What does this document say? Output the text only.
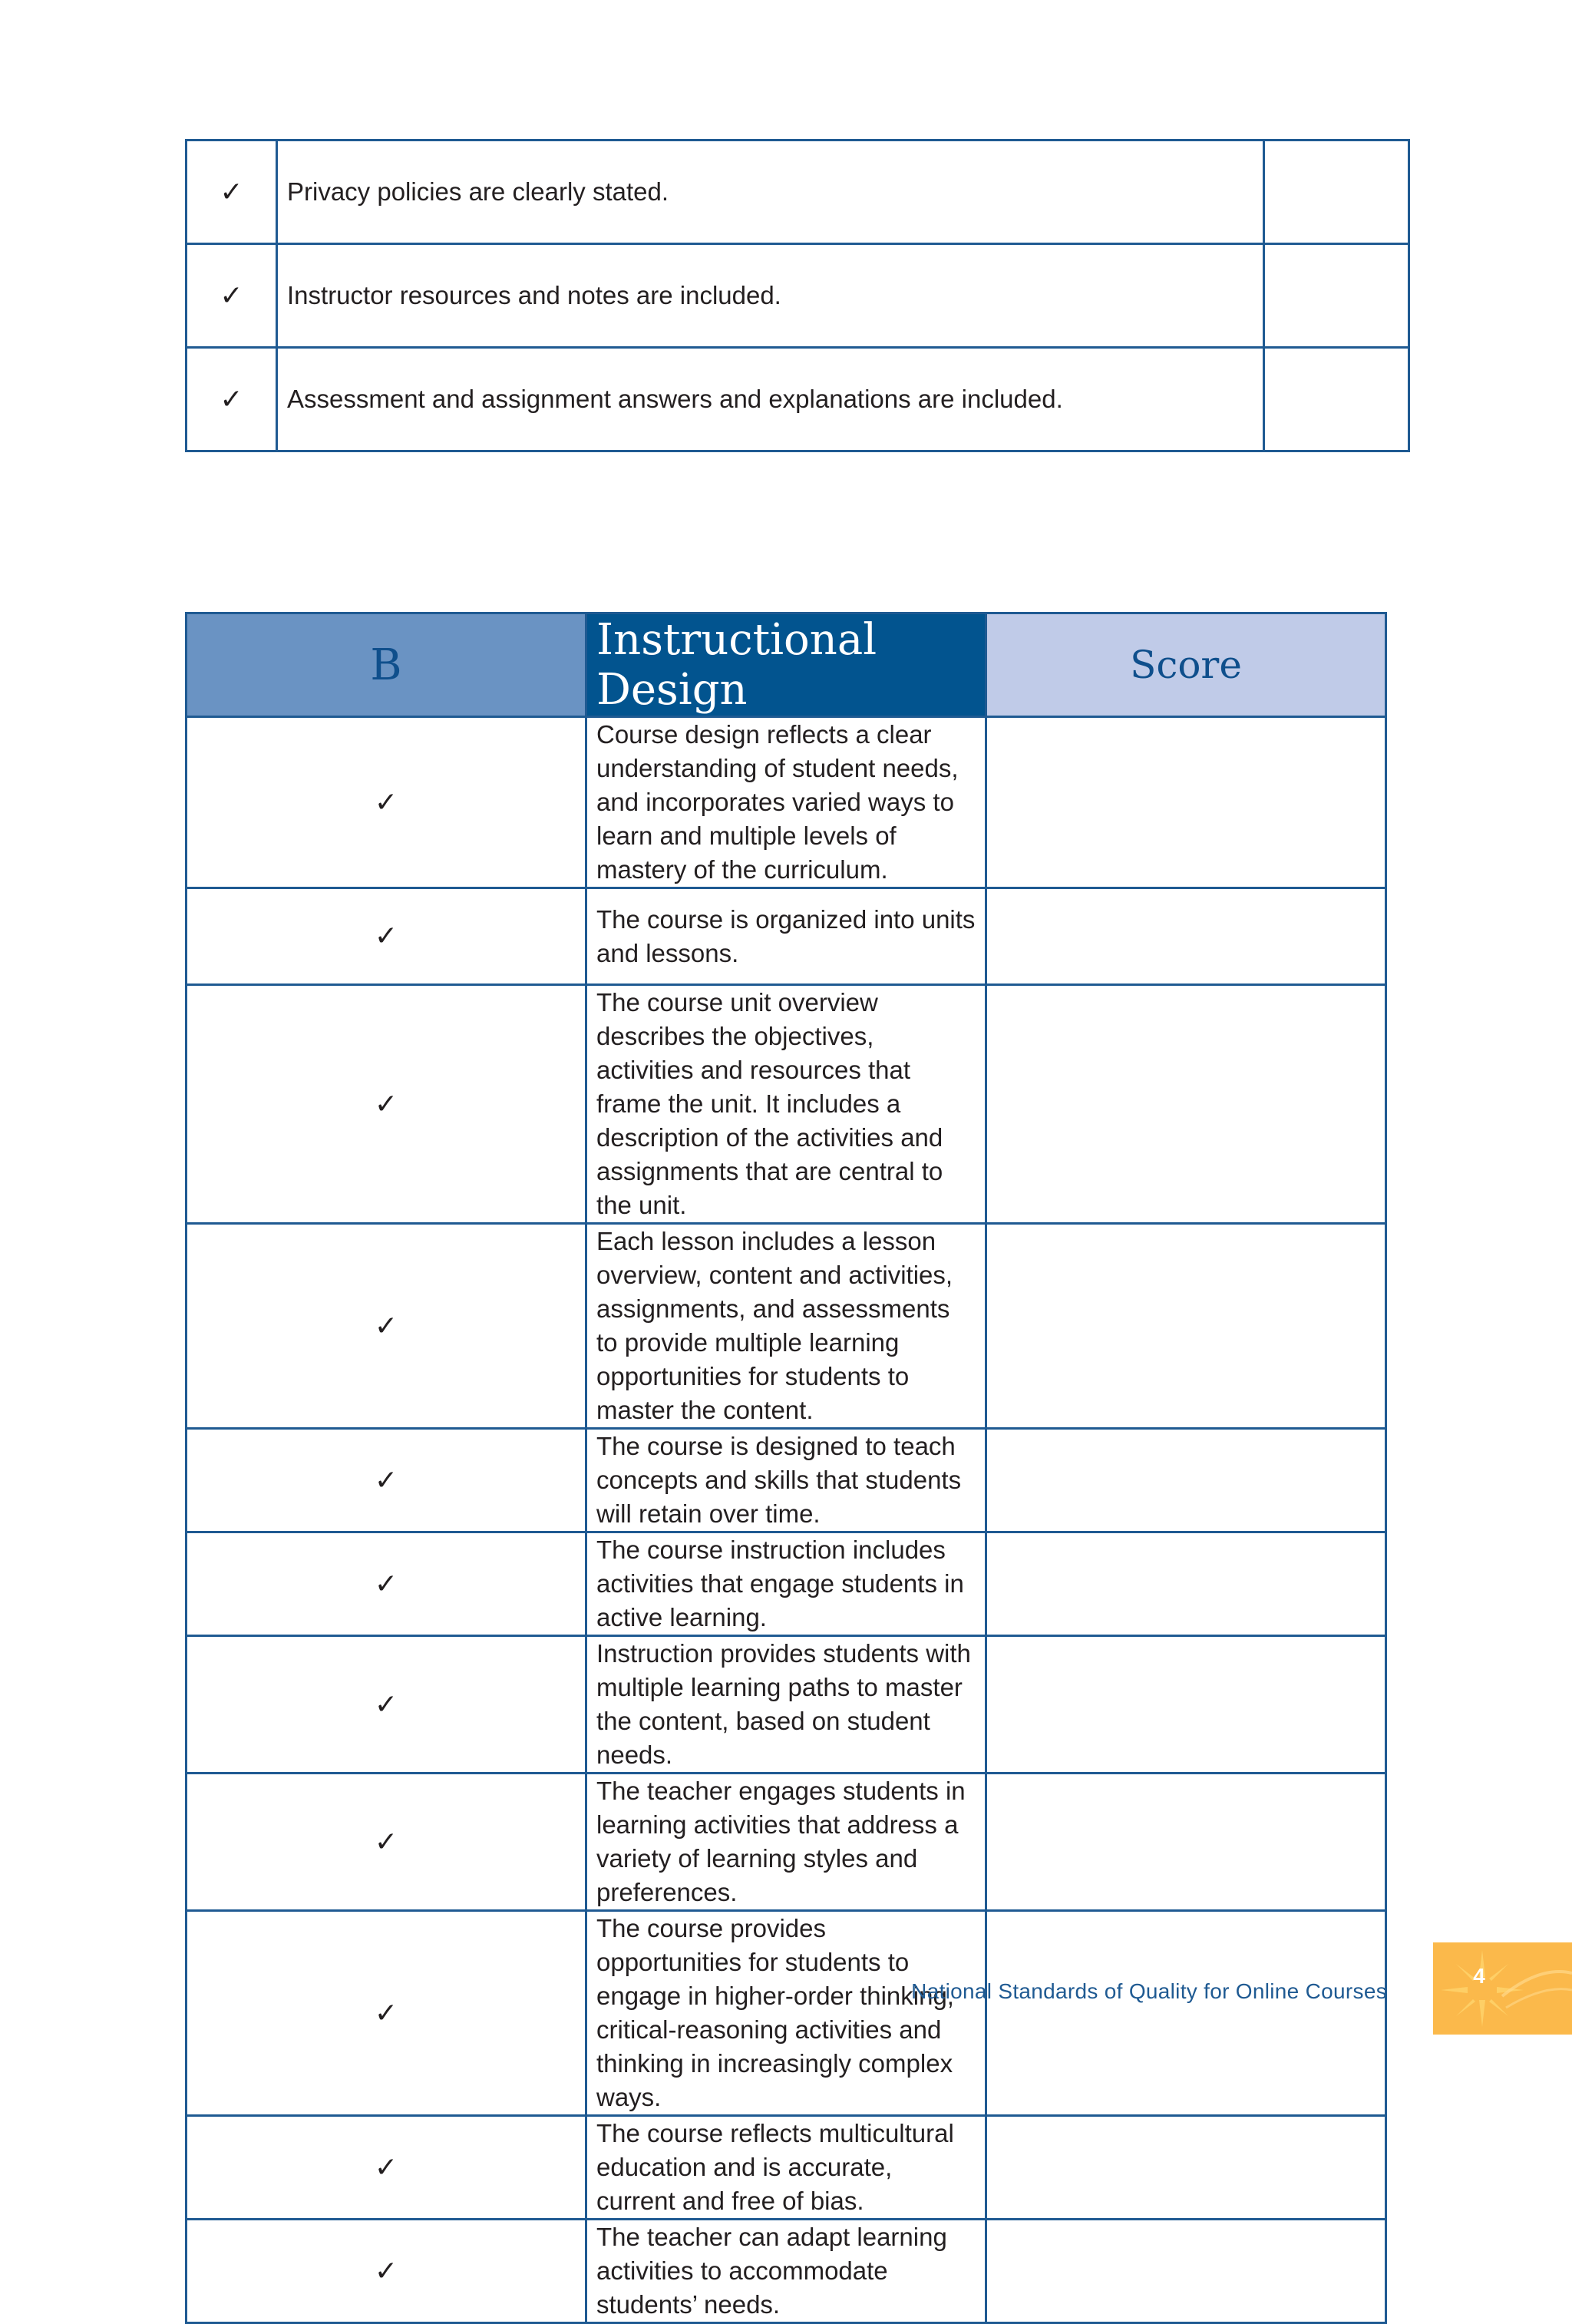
✓	Privacy policies are clearly stated.	
✓	Instructor resources and notes are included.	
✓	Assessment and assignment answers and explanations are included.	
B	Instructional Design	Score
✓	Course design reflects a clear understanding of student needs, and incorporates varied ways to learn and multiple levels of mastery of the curriculum.	
✓	The course is organized into units and lessons.	
✓	The course unit overview describes the objectives, activities and resources that frame the unit. It includes a description of the activities and assignments that are central to the unit.	
✓	Each lesson includes a lesson overview, content and activities, assignments, and assessments to provide multiple learning opportunities for students to master the content.	
✓	The course is designed to teach concepts and skills that students will retain over time.	
✓	The course instruction includes activities that engage students in active learning.	
✓	Instruction provides students with multiple learning paths to master the content, based on student needs.	
✓	The teacher engages students in learning activities that address a variety of learning styles and preferences.	
✓	The course provides opportunities for students to engage in higher-order thinking, critical-reasoning activities and thinking in increasingly complex ways.	
✓	The course reflects multicultural education and is accurate, current and free of bias.	
✓	The teacher can adapt learning activities to accommodate students’ needs.	
National Standards of Quality for Online Courses
4
